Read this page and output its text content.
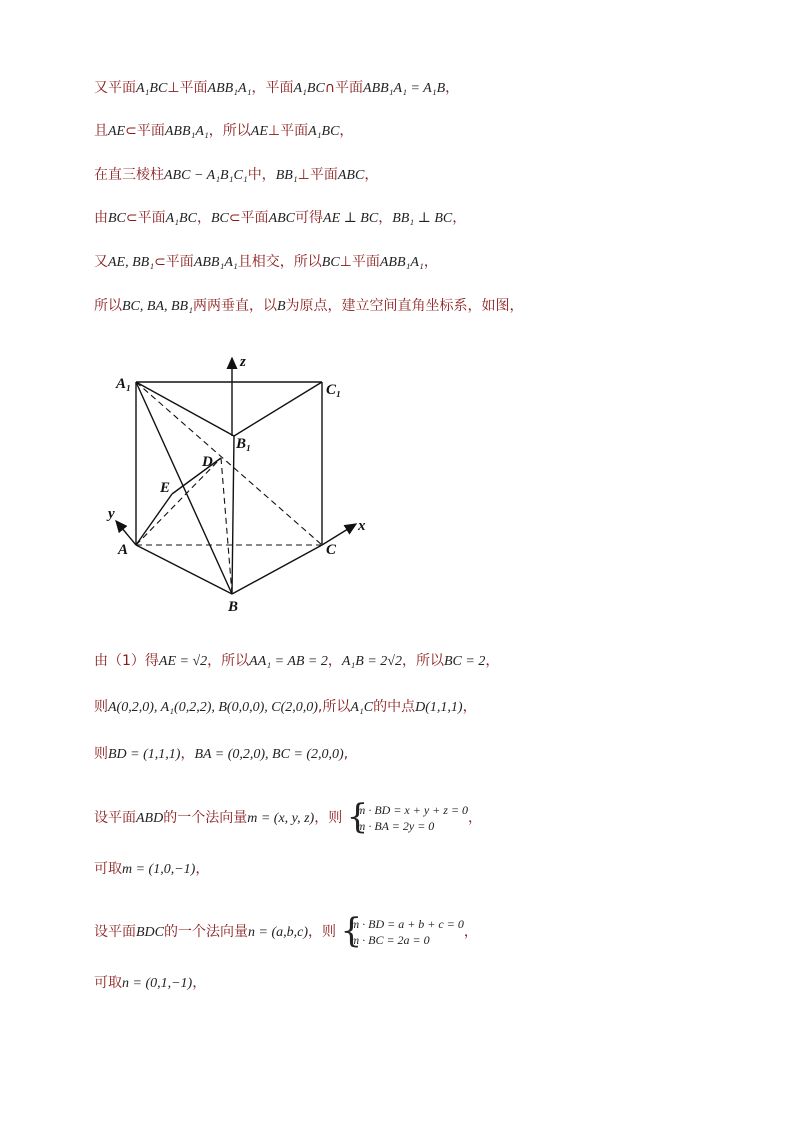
又平面A₁BC⊥平面ABB₁A₁，平面A₁BC∩平面ABB₁A₁ = A₁B，
且AE⊂平面ABB₁A₁，所以AE⊥平面A₁BC，
在直三棱柱ABC − A₁B₁C₁中，BB₁⊥平面ABC，
由BC⊂平面A₁BC，BC⊂平面ABC可得AE ⊥ BC，BB₁ ⊥ BC，
又AE, BB₁⊂平面ABB₁A₁且相交，所以BC⊥平面ABB₁A₁，
所以BC, BA, BB₁两两垂直，以B为原点，建立空间直角坐标系，如图，
A₁	C₁
B₁
D
E
A	C
B
x
y
z
由（1）得AE = √2，所以AA₁ = AB = 2，A₁B = 2√2，所以BC = 2，
则A(0,2,0), A₁(0,2,2), B(0,0,0), C(2,0,0),所以A₁C的中点D(1,1,1)，
则BD = (1,1,1)，BA = (0,2,0), BC = (2,0,0),
设平面ABD的一个法向量m = (x, y, z)，则 {
m · BD = x + y + z = 0
m · BA = 2y = 0	，
可取m = (1,0,−1)，
设平面BDC的一个法向量n = (a,b,c)，则 {
m · BD = a + b + c = 0
m · BC = 2a = 0	，
可取n = (0,1,−1)，
